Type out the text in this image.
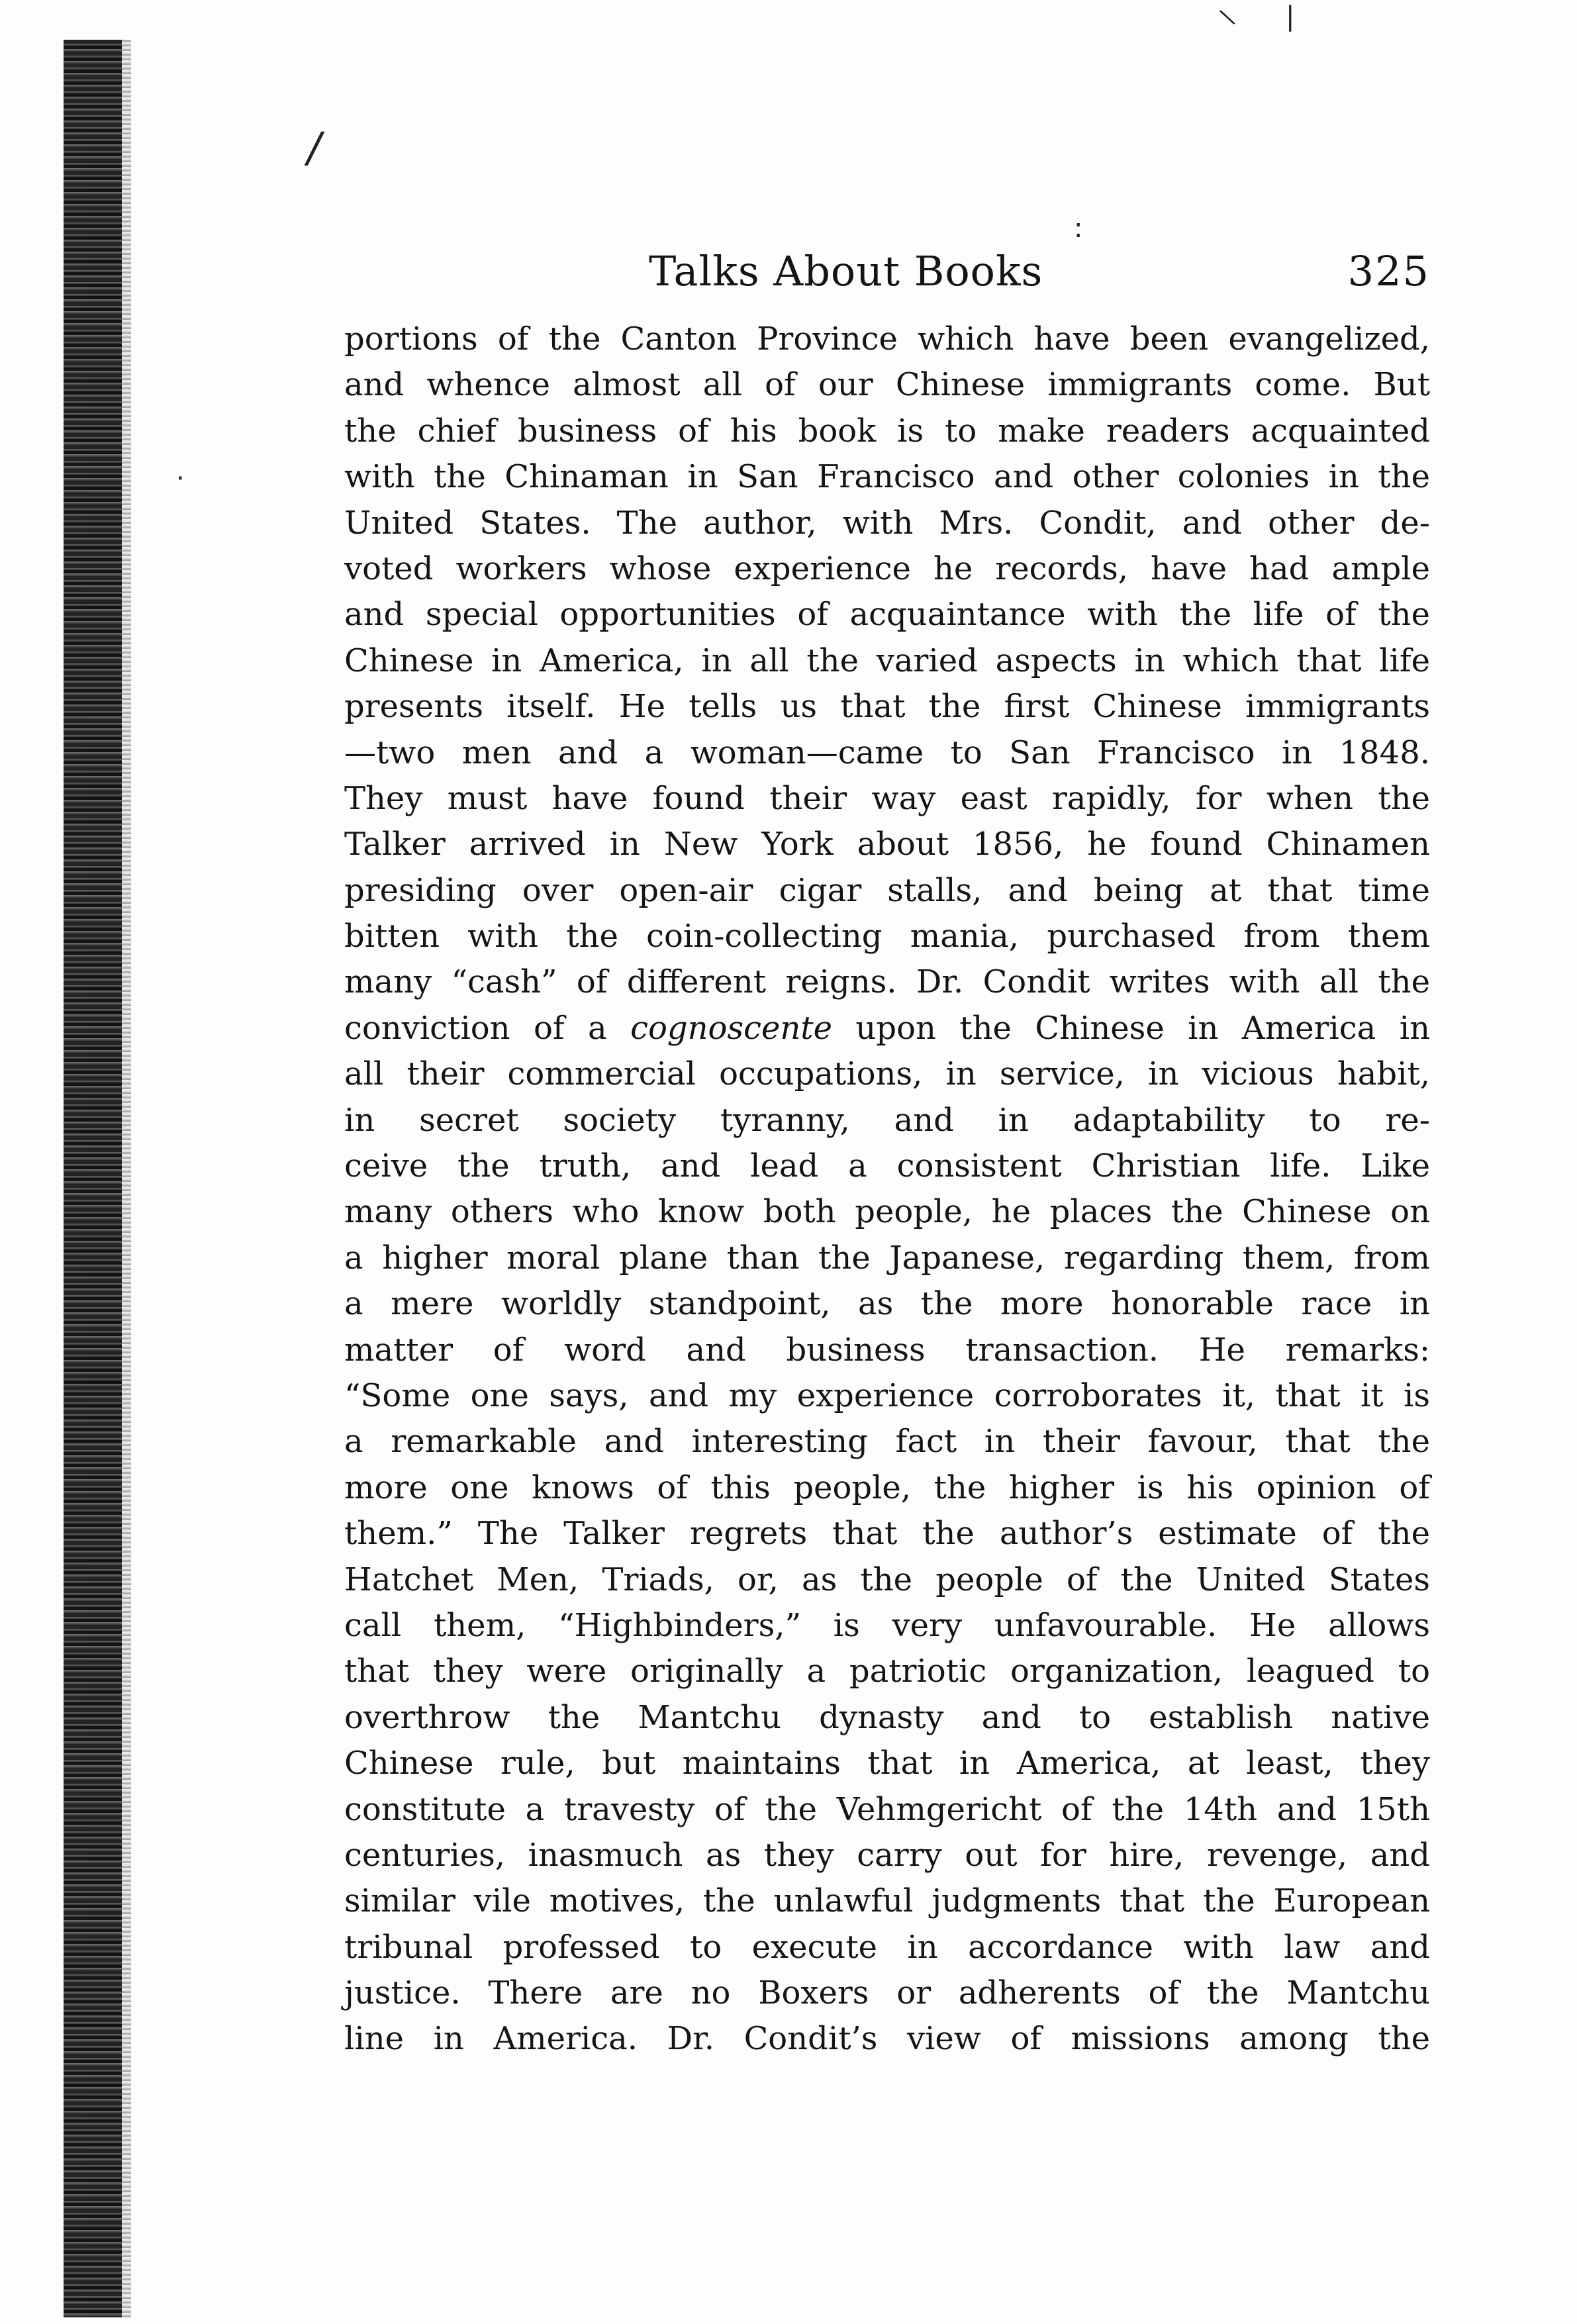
\ |
/
:
·
Talks About Books	325
portions of the Canton Province which have been evangelized,
and whence almost all of our Chinese immigrants come. But
the chief business of his book is to make readers acquainted
with the Chinaman in San Francisco and other colonies in the
United States. The author, with Mrs. Condit, and other de-
voted workers whose experience he records, have had ample
and special opportunities of acquaintance with the life of the
Chinese in America, in all the varied aspects in which that life
presents itself. He tells us that the first Chinese immigrants
—two men and a woman—came to San Francisco in 1848.
They must have found their way east rapidly, for when the
Talker arrived in New York about 1856, he found Chinamen
presiding over open-air cigar stalls, and being at that time
bitten with the coin-collecting mania, purchased from them
many “cash” of different reigns. Dr. Condit writes with all the
conviction of a cognoscente upon the Chinese in America in
all their commercial occupations, in service, in vicious habit,
in secret society tyranny, and in adaptability to re-
ceive the truth, and lead a consistent Christian life. Like
many others who know both people, he places the Chinese on
a higher moral plane than the Japanese, regarding them, from
a mere worldly standpoint, as the more honorable race in
matter of word and business transaction. He remarks:
“Some one says, and my experience corroborates it, that it is
a remarkable and interesting fact in their favour, that the
more one knows of this people, the higher is his opinion of
them.” The Talker regrets that the author’s estimate of the
Hatchet Men, Triads, or, as the people of the United States
call them, “Highbinders,” is very unfavourable. He allows
that they were originally a patriotic organization, leagued to
overthrow the Mantchu dynasty and to establish native
Chinese rule, but maintains that in America, at least, they
constitute a travesty of the Vehmgericht of the 14th and 15th
centuries, inasmuch as they carry out for hire, revenge, and
similar vile motives, the unlawful judgments that the European
tribunal professed to execute in accordance with law and
justice. There are no Boxers or adherents of the Mantchu
line in America. Dr. Condit’s view of missions among the
